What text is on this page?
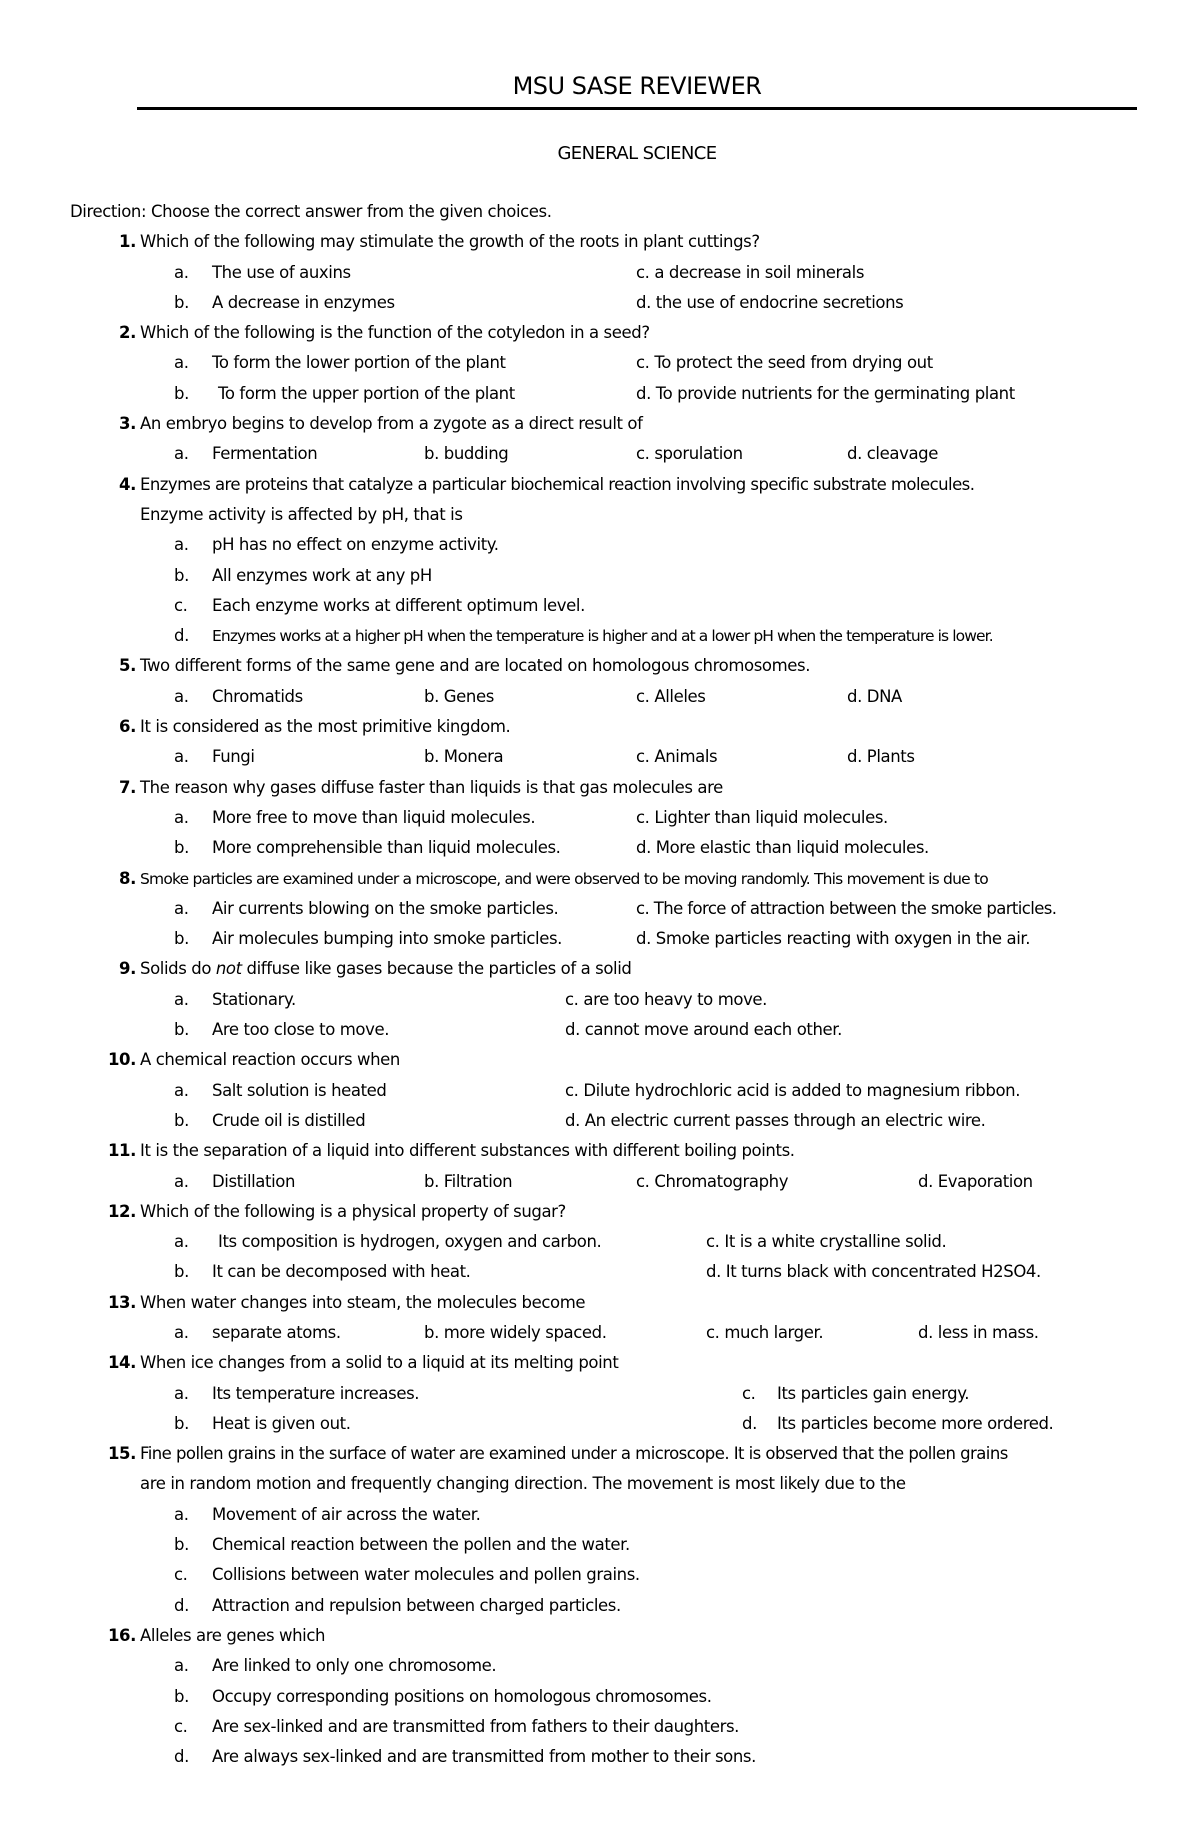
MSU SASE REVIEWER
GENERAL SCIENCE
Direction: Choose the correct answer from the given choices.
1. Which of the following may stimulate the growth of the roots in plant cuttings?
a.	The use of auxins	c. a decrease in soil minerals
b.	A decrease in enzymes	d. the use of endocrine secretions
2. Which of the following is the function of the cotyledon in a seed?
a.	To form the lower portion of the plant	c. To protect the seed from drying out
b.	To form the upper portion of the plant	d. To provide nutrients for the germinating plant
3. An embryo begins to develop from a zygote as a direct result of
a.	Fermentation	b. budding	c. sporulation	d. cleavage
4. Enzymes are proteins that catalyze a particular biochemical reaction involving specific substrate molecules.
Enzyme activity is affected by pH, that is
a.	pH has no effect on enzyme activity.
b.	All enzymes work at any pH
c.	Each enzyme works at different optimum level.
d.	Enzymes works at a higher pH when the temperature is higher and at a lower pH when the temperature is lower.
5. Two different forms of the same gene and are located on homologous chromosomes.
a.	Chromatids	b. Genes	c. Alleles	d. DNA
6. It is considered as the most primitive kingdom.
a.	Fungi	b. Monera	c. Animals	d. Plants
7. The reason why gases diffuse faster than liquids is that gas molecules are
a.	More free to move than liquid molecules.	c. Lighter than liquid molecules.
b.	More comprehensible than liquid molecules.	d. More elastic than liquid molecules.
8. Smoke particles are examined under a microscope, and were observed to be moving randomly. This movement is due to
a.	Air currents blowing on the smoke particles.	c. The force of attraction between the smoke particles.
b.	Air molecules bumping into smoke particles.	d. Smoke particles reacting with oxygen in the air.
9. Solids do not diffuse like gases because the particles of a solid
a.	Stationary.	c. are too heavy to move.
b.	Are too close to move.	d. cannot move around each other.
10. A chemical reaction occurs when
a.	Salt solution is heated	c. Dilute hydrochloric acid is added to magnesium ribbon.
b.	Crude oil is distilled	d. An electric current passes through an electric wire.
11. It is the separation of a liquid into different substances with different boiling points.
a.	Distillation	b. Filtration	c. Chromatography	d. Evaporation
12. Which of the following is a physical property of sugar?
a.	Its composition is hydrogen, oxygen and carbon.	c. It is a white crystalline solid.
b.	It can be decomposed with heat.	d. It turns black with concentrated H2SO4.
13. When water changes into steam, the molecules become
a.	separate atoms.	b. more widely spaced.	c. much larger.	d. less in mass.
14. When ice changes from a solid to a liquid at its melting point
a.	Its temperature increases.	c. Its particles gain energy.
b.	Heat is given out.	d. Its particles become more ordered.
15. Fine pollen grains in the surface of water are examined under a microscope. It is observed that the pollen grains
are in random motion and frequently changing direction. The movement is most likely due to the
a.	Movement of air across the water.
b.	Chemical reaction between the pollen and the water.
c.	Collisions between water molecules and pollen grains.
d.	Attraction and repulsion between charged particles.
16. Alleles are genes which
a.	Are linked to only one chromosome.
b.	Occupy corresponding positions on homologous chromosomes.
c.	Are sex-linked and are transmitted from fathers to their daughters.
d.	Are always sex-linked and are transmitted from mother to their sons.
